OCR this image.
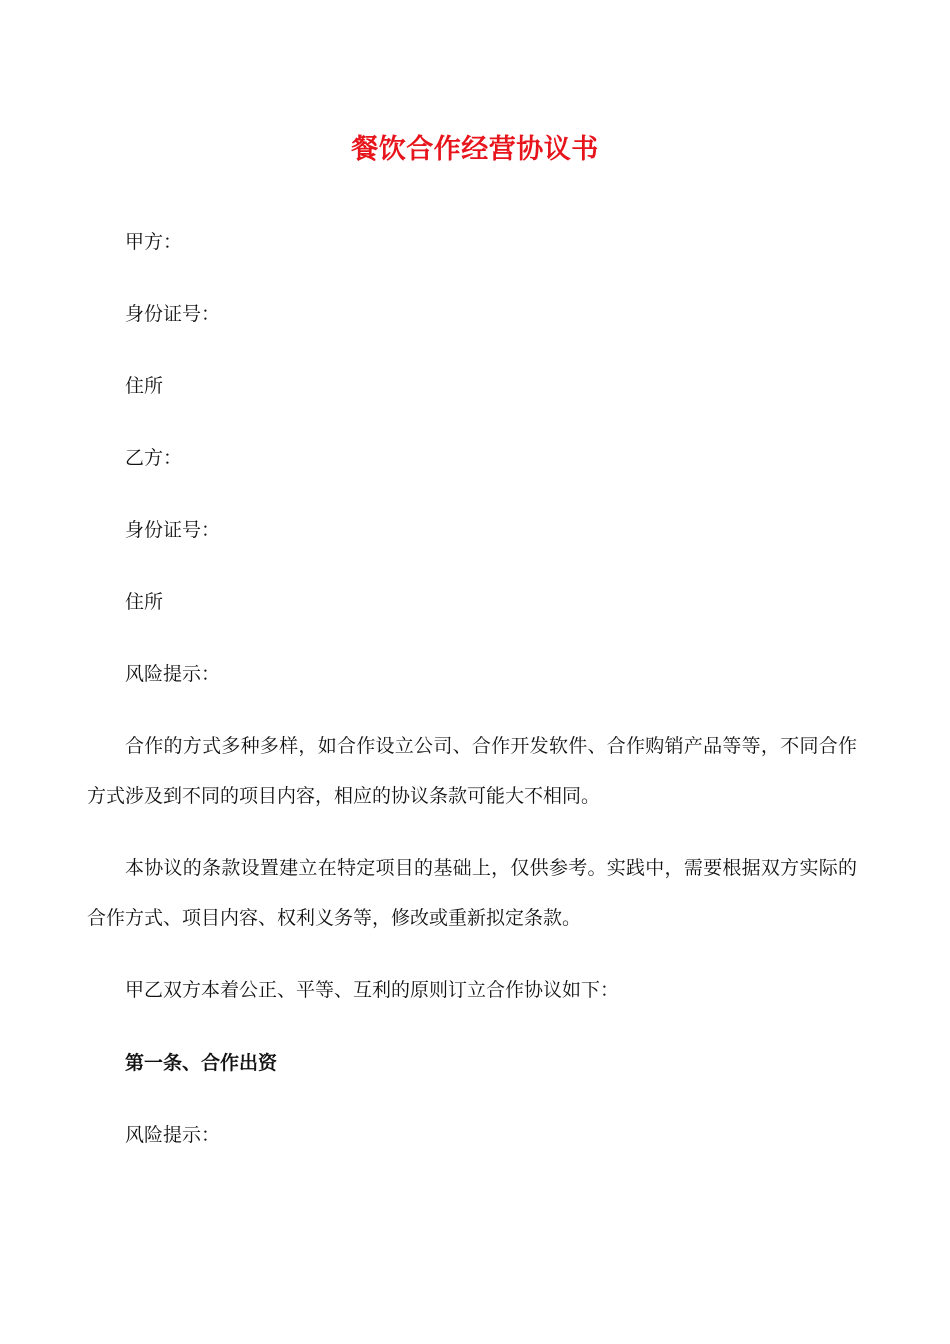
餐饮合作经营协议书
甲方：
身份证号：
住所
乙方：
身份证号：
住所
风险提示：
合作的方式多种多样，如合作设立公司、合作开发软件、合作购销产品等等，不同合作方式涉及到不同的项目内容，相应的协议条款可能大不相同。
本协议的条款设置建立在特定项目的基础上，仅供参考。实践中，需要根据双方实际的合作方式、项目内容、权利义务等，修改或重新拟定条款。
甲乙双方本着公正、平等、互利的原则订立合作协议如下：
第一条、合作出资
风险提示：
